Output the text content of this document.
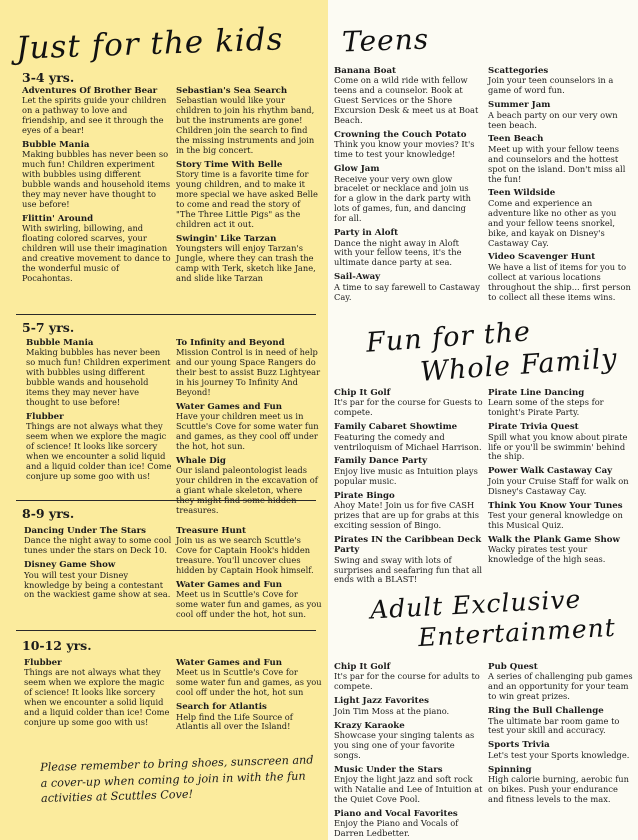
Just for the kids
3-4 yrs.
Adventures Of Brother Bear
Let the spirits guide your children on a pathway to love and friendship, and see it through the eyes of a bear!
Bubble Mania
Making bubbles has never been so much fun! Children experiment with bubbles using different bubble wands and household items they may never have thought to use before!
Flittin' Around
With swirling, billowing, and floating colored scarves, your children will use their imagination and creative movement to dance to the wonderful music of Pocahontas.
Sebastian's Sea Search
Sebastian would like your children to join his rhythm band, but the instruments are gone! Children join the search to find the missing instruments and join in the big concert.
Story Time With Belle
Story time is a favorite time for young children, and to make it more special we have asked Belle to come and read the story of "The Three Little Pigs" as the children act it out.
Swingin' Like Tarzan
Youngsters will enjoy Tarzan's Jungle, where they can trash the camp with Terk, sketch like Jane, and slide like Tarzan
5-7 yrs.
Bubble Mania
Making bubbles has never been so much fun! Children experiment with bubbles using different bubble wands and household items they may never have thought to use before!
Flubber
Things are not always what they seem when we explore the magic of science! It looks like sorcery when we encounter a solid liquid and a liquid colder than ice! Come conjure up some goo with us!
To Infinity and Beyond
Mission Control is in need of help and our young Space Rangers do their best to assist Buzz Lightyear in his journey To Infinity And Beyond!
Water Games and Fun
Have your children meet us in Scuttle's Cove for some water fun and games, as they cool off under the hot, hot sun.
Whale Dig
Our island paleontologist leads your children in the excavation of a giant whale skeleton, where they might find some hidden treasures.
8-9 yrs.
Dancing Under The Stars
Dance the night away to some cool tunes under the stars on Deck 10.
Disney Game Show
You will test your Disney knowledge by being a contestant on the wackiest game show at sea.
Treasure Hunt
Join us as we search Scuttle's Cove for Captain Hook's hidden treasure. You'll uncover clues hidden by Captain Hook himself.
Water Games and Fun
Meet us in Scuttle's Cove for some water fun and games, as you cool off under the hot, hot sun.
10-12 yrs.
Flubber
Things are not always what they seem when we explore the magic of science! It looks like sorcery when we encounter a solid liquid and a liquid colder than ice! Come conjure up some goo with us!
Water Games and Fun
Meet us in Scuttle's Cove for some water fun and games, as you cool off under the hot, hot sun
Search for Atlantis
Help find the Life Source of Atlantis all over the Island!
Please remember to bring shoes, sunscreen and a cover-up when coming to join in with the fun activities at Scuttles Cove!
Teens
Banana Boat
Come on a wild ride with fellow teens and a counselor. Book at Guest Services or the Shore Excursion Desk & meet us at Boat Beach.
Crowning the Couch Potato
Think you know your movies? It's time to test your knowledge!
Glow Jam
Receive your very own glow bracelet or necklace and join us for a glow in the dark party with lots of games, fun, and dancing for all.
Party in Aloft
Dance the night away in Aloft with your fellow teens, it's the ultimate dance party at sea.
Sail-Away
A time to say farewell to Castaway Cay.
Scattegories
Join your teen counselors in a game of word fun.
Summer Jam
A beach party on our very own teen beach.
Teen Beach
Meet up with your fellow teens and counselors and the hottest spot on the island. Don't miss all the fun!
Teen Wildside
Come and experience an adventure like no other as you and your fellow teens snorkel, bike, and kayak on Disney's Castaway Cay.
Video Scavenger Hunt
We have a list of items for you to collect at various locations throughout the ship... first person to collect all these items wins.
Fun for the
Whole Family
Chip It Golf
It's par for the course for Guests to compete.
Family Cabaret Showtime
Featuring the comedy and ventriloquism of Michael Harrison.
Family Dance Party
Enjoy live music as Intuition plays popular music.
Pirate Bingo
Ahoy Mate! Join us for five CASH prizes that are up for grabs at this exciting session of Bingo.
Pirates IN the Caribbean Deck Party
Swing and sway with lots of surprises and seafaring fun that all ends with a BLAST!
Pirate Line Dancing
Learn some of the steps for tonight's Pirate Party.
Pirate Trivia Quest
Spill what you know about pirate life or you'll be swimmin' behind the ship.
Power Walk Castaway Cay
Join your Cruise Staff for walk on Disney's Castaway Cay.
Think You Know Your Tunes
Test your general knowledge on this Musical Quiz.
Walk the Plank Game Show
Wacky pirates test your knowledge of the high seas.
Adult Exclusive
Entertainment
Chip It Golf
It's par for the course for adults to compete.
Light Jazz Favorites
Join Tim Moss at the piano.
Krazy Karaoke
Showcase your singing talents as you sing one of your favorite songs.
Music Under the Stars
Enjoy the light jazz and soft rock with Natalie and Lee of Intuition at the Quiet Cove Pool.
Piano and Vocal Favorites
Enjoy the Piano and Vocals of Darren Ledbetter.
Pub Quest
A series of challenging pub games and an opportunity for your team to win great prizes.
Ring the Bull Challenge
The ultimate bar room game to test your skill and accuracy.
Sports Trivia
Let's test your Sports knowledge.
Spinning
High calorie burning, aerobic fun on bikes. Push your endurance and fitness levels to the max.
